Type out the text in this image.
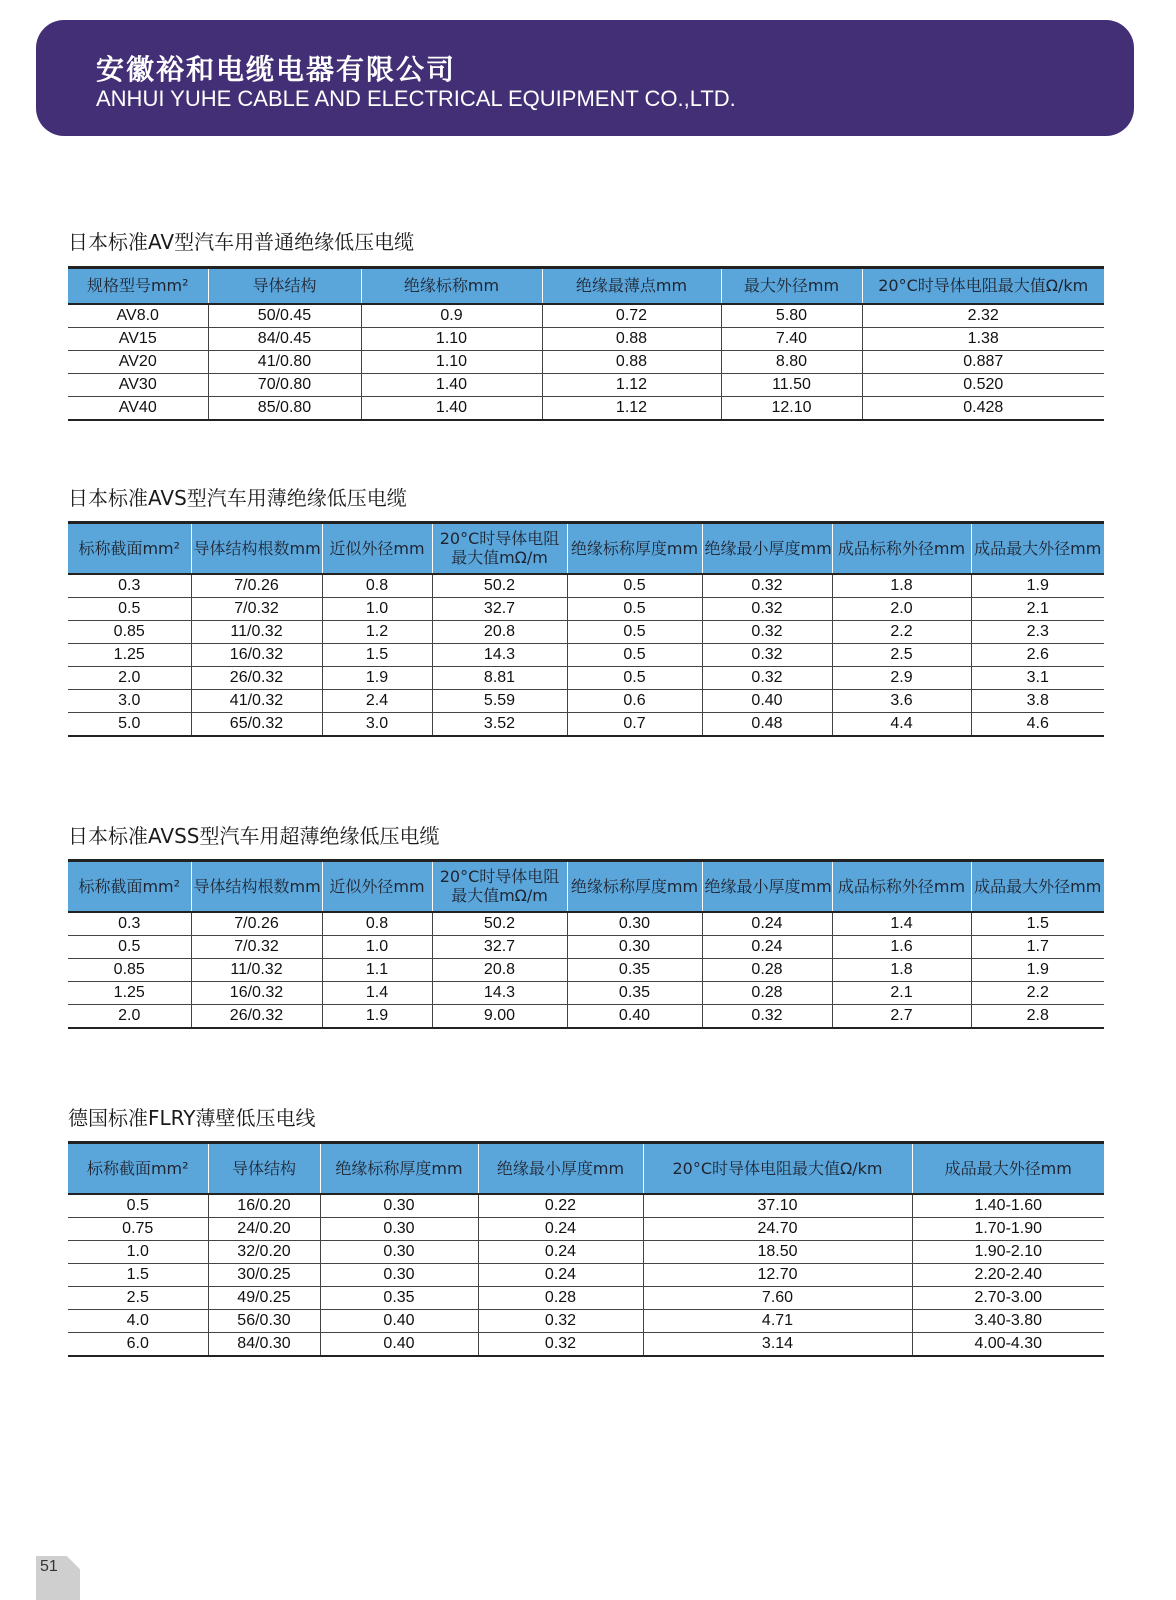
安徽裕和电缆电器有限公司
ANHUI YUHE CABLE AND ELECTRICAL EQUIPMENT CO.,LTD.
日本标准AV型汽车用普通绝缘低压电缆
规格型号mm²	导体结构	绝缘标称mm	绝缘最薄点mm	最大外径mm	20°C时导体电阻最大值Ω/km
AV8.0	50/0.45	0.9	0.72	5.80	2.32
AV15	84/0.45	1.10	0.88	7.40	1.38
AV20	41/0.80	1.10	0.88	8.80	0.887
AV30	70/0.80	1.40	1.12	11.50	0.520
AV40	85/0.80	1.40	1.12	12.10	0.428
日本标准AVS型汽车用薄绝缘低压电缆
标称截面mm²	导体结构根数mm	近似外径mm	20°C时导体电阻
最大值mΩ/m	绝缘标称厚度mm	绝缘最小厚度mm	成品标称外径mm	成品最大外径mm
0.3	7/0.26	0.8	50.2	0.5	0.32	1.8	1.9
0.5	7/0.32	1.0	32.7	0.5	0.32	2.0	2.1
0.85	11/0.32	1.2	20.8	0.5	0.32	2.2	2.3
1.25	16/0.32	1.5	14.3	0.5	0.32	2.5	2.6
2.0	26/0.32	1.9	8.81	0.5	0.32	2.9	3.1
3.0	41/0.32	2.4	5.59	0.6	0.40	3.6	3.8
5.0	65/0.32	3.0	3.52	0.7	0.48	4.4	4.6
日本标准AVSS型汽车用超薄绝缘低压电缆
标称截面mm²	导体结构根数mm	近似外径mm	20°C时导体电阻
最大值mΩ/m	绝缘标称厚度mm	绝缘最小厚度mm	成品标称外径mm	成品最大外径mm
0.3	7/0.26	0.8	50.2	0.30	0.24	1.4	1.5
0.5	7/0.32	1.0	32.7	0.30	0.24	1.6	1.7
0.85	11/0.32	1.1	20.8	0.35	0.28	1.8	1.9
1.25	16/0.32	1.4	14.3	0.35	0.28	2.1	2.2
2.0	26/0.32	1.9	9.00	0.40	0.32	2.7	2.8
德国标准FLRY薄壁低压电线
标称截面mm²	导体结构	绝缘标称厚度mm	绝缘最小厚度mm	20°C时导体电阻最大值Ω/km	成品最大外径mm
0.5	16/0.20	0.30	0.22	37.10	1.40-1.60
0.75	24/0.20	0.30	0.24	24.70	1.70-1.90
1.0	32/0.20	0.30	0.24	18.50	1.90-2.10
1.5	30/0.25	0.30	0.24	12.70	2.20-2.40
2.5	49/0.25	0.35	0.28	7.60	2.70-3.00
4.0	56/0.30	0.40	0.32	4.71	3.40-3.80
6.0	84/0.30	0.40	0.32	3.14	4.00-4.30
51
